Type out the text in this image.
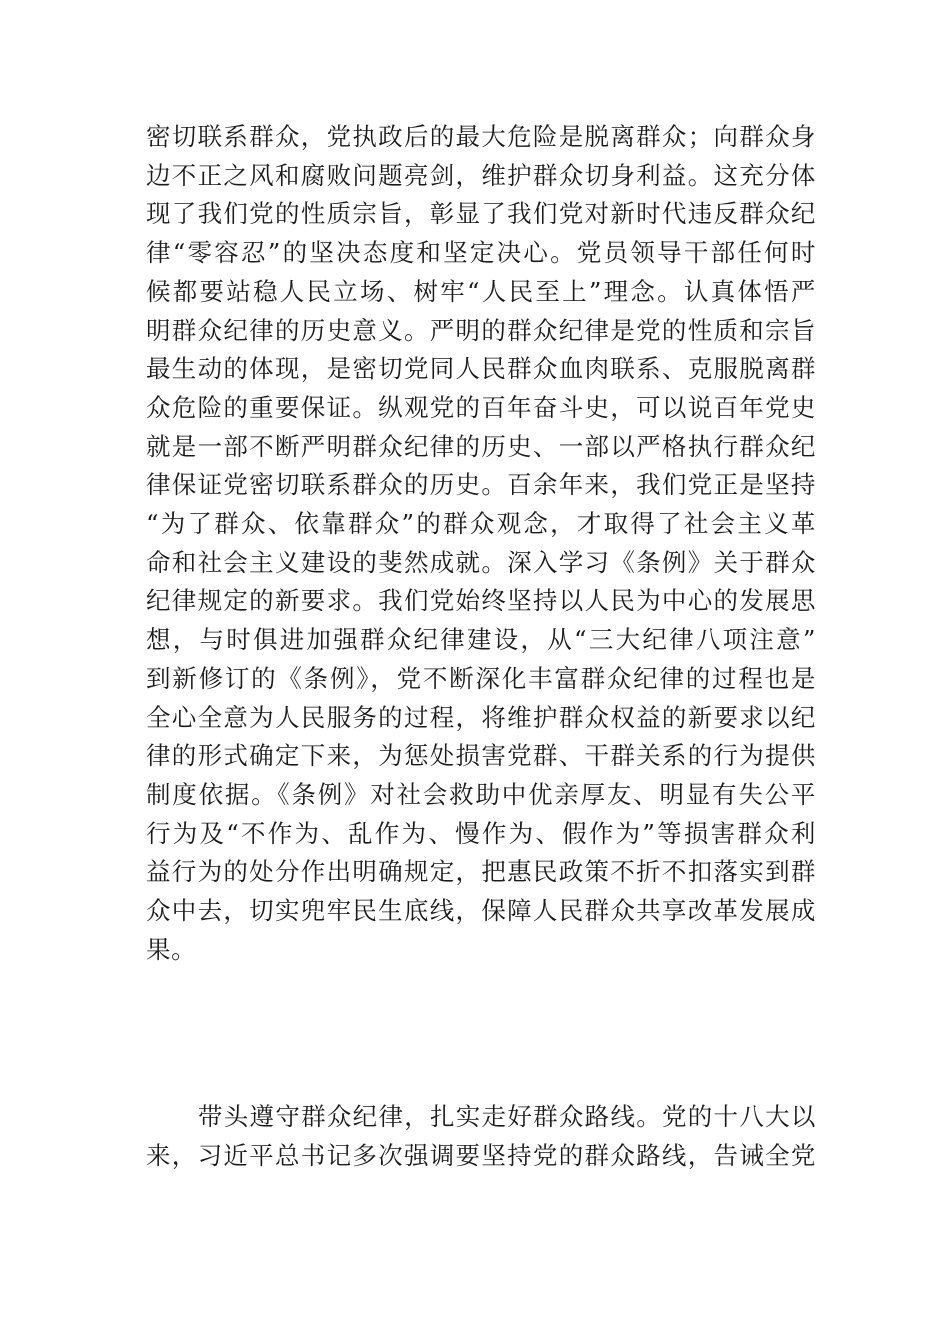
密切联系群众，党执政后的最大危险是脱离群众；向群众身
边不正之风和腐败问题亮剑，维护群众切身利益。这充分体
现了我们党的性质宗旨，彰显了我们党对新时代违反群众纪
律“零容忍”的坚决态度和坚定决心。党员领导干部任何时
候都要站稳人民立场、树牢“人民至上”理念。认真体悟严
明群众纪律的历史意义。严明的群众纪律是党的性质和宗旨
最生动的体现，是密切党同人民群众血肉联系、克服脱离群
众危险的重要保证。纵观党的百年奋斗史，可以说百年党史
就是一部不断严明群众纪律的历史、一部以严格执行群众纪
律保证党密切联系群众的历史。百余年来，我们党正是坚持
“为了群众、依靠群众”的群众观念，才取得了社会主义革
命和社会主义建设的斐然成就。深入学习《条例》关于群众
纪律规定的新要求。我们党始终坚持以人民为中心的发展思
想，与时俱进加强群众纪律建设，从“三大纪律八项注意”
到新修订的《条例》，党不断深化丰富群众纪律的过程也是
全心全意为人民服务的过程，将维护群众权益的新要求以纪
律的形式确定下来，为惩处损害党群、干群关系的行为提供
制度依据。《条例》对社会救助中优亲厚友、明显有失公平
行为及“不作为、乱作为、慢作为、假作为”等损害群众利
益行为的处分作出明确规定，把惠民政策不折不扣落实到群
众中去，切实兜牢民生底线，保障人民群众共享改革发展成
果。
带头遵守群众纪律，扎实走好群众路线。党的十八大以
来，习近平总书记多次强调要坚持党的群众路线，告诫全党
